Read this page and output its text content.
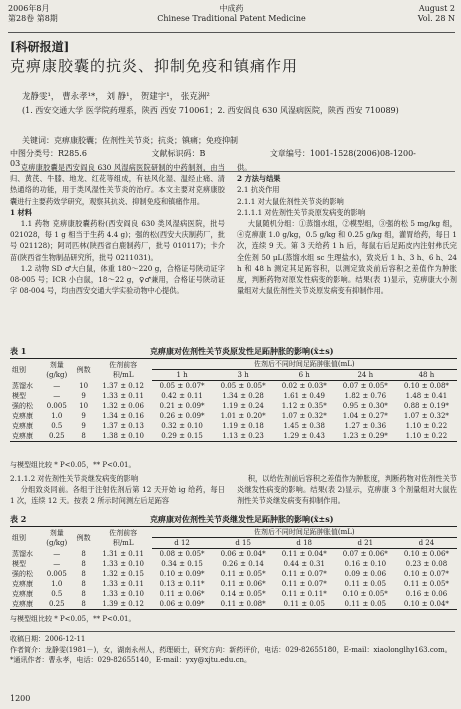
2006年8月
第28卷 第8期
中成药
Chinese Traditional Patent Medicine
August 2
Vol. 28 N
[科研报道]
克痹康胶囊的抗炎、抑制免疫和镇痛作用
龙静雯¹， 曹永孝¹*， 刘 静¹， 贺建宇¹， 张克洲²
(1. 西安交通大学 医学院药理系，陕西 西安 710061；2. 西安阎良 630 风湿病医院，陕西 西安 710089)
关键词：克痹康胶囊；佐剂性关节炎；抗炎；镇痛；免疫抑制
中图分类号：R285.6	文献标识码：B	文章编号：1001-1528(2006)08-1200-03 克痹康胶囊是西安阎良 630 风湿病医院研制的中药制剂，由当归、黄芪、牛膝、地龙、红花等组成，有祛风化湿、温经止痛、清热通络的功能，用于类风湿性关节炎的治疗。本文主要对克痹康胶囊进行主要药效学研究，观察其抗炎、抑制免疫和镇痛作用。

1 材料

1.1 药物 克痹康胶囊药粉(西安阎良 630 类风湿病医院，批号 021028，每 1 g 相当于生药 4.4 g)；强的松(西安大庆制药厂，批号 021128)；阿司匹林(陕西省白鹿制药厂，批号 010117)；卡介苗(陕西省生物制品研究所，批号 0211031)。

1.2 动物 SD ♂大白鼠，体重 180～220 g，合格证号陕动证字 08-005 号；ICR 小白鼠，18～22 g，♀♂兼用，合格证号陕动证字 08-004 号，均由西安交通大学实验动物中心提供。

供。

2 方法与结果

2.1 抗炎作用

2.1.1 对大鼠佐剂性关节炎的影响

2.1.1.1 对佐剂性关节炎原发病变的影响

大鼠随机分组：①蒸馏水组，②模型组，③强的松 5 mg/kg 组，④克痹康 1.0 g/kg，0.5 g/kg 和 0.25 g/kg 组，灌胃给药，每日 1 次，连续 9 天。第 3 天给药 1 h 后，每鼠右后足跖皮内注射弗氏完全佐剂 50 μL(蒸馏水组 sc 生理盐水)，致炎后 1 h、3 h、6 h、24 h 和 48 h 测定其足跖容积，以测定致炎前后容积之差值作为肿胀度，判断药物对原发性病变的影响。结果(表 1)显示，克痹康大小剂量组对大鼠佐剂性关节炎原发病变有抑制作用。

表 1	克痹康对佐剂性关节炎原发性足跖肿胀的影响(x̄±s)
组别	剂量
(g/kg)	例数	佐剂前容
积/mL	佐剂后不同时间足跖肿胀值(mL)				
				1 h	3 h	6 h	24 h	48 h
蒸馏水	—	10	1.37 ± 0.12	0.05 ± 0.07*	0.05 ± 0.05*	0.02 ± 0.03*	0.07 ± 0.05*	0.10 ± 0.08*
模型	—	9	1.33 ± 0.11	0.42 ± 0.11	1.34 ± 0.28	1.61 ± 0.49	1.82 ± 0.76	1.48 ± 0.41
强的松	0.005	10	1.32 ± 0.06	0.21 ± 0.09*	1.19 ± 0.24	1.12 ± 0.35*	0.95 ± 0.30*	0.88 ± 0.19*
克痹康	1.0	9	1.34 ± 0.16	0.26 ± 0.09*	1.01 ± 0.20*	1.07 ± 0.32*	1.04 ± 0.27*	1.07 ± 0.32*
克痹康	0.5	9	1.37 ± 0.13	0.32 ± 0.10	1.19 ± 0.18	1.45 ± 0.38	1.27 ± 0.36	1.10 ± 0.22
克痹康	0.25	8	1.38 ± 0.10	0.29 ± 0.15	1.13 ± 0.23	1.29 ± 0.43	1.23 ± 0.29*	1.10 ± 0.22
与模型组比较 * P<0.05，** P<0.01。

2.1.1.2 对佐剂性关节炎继发病变的影响

分组致炎同前。各组于注射佐剂后第 12 天开始 ig 给药，每日 1 次，连续 12 天。按表 2 所示时间测左后足跖容

积，以给佐剂前后容积之差值作为肿胀度，判断药物对佐剂性关节炎继发性病变的影响。结果(表 2)显示，克痹康 3 个剂量组对大鼠佐剂性关节炎继发病变有抑制作用。

表 2	克痹康对佐剂性关节炎继发性足跖肿胀的影响(x̄±s)
组别	剂量
(g/kg)	例数	佐剂前容
积/mL	佐剂后不同时间足跖肿胀值(mL)				
				d 12	d 15	d 18	d 21	d 24
蒸馏水	—	8	1.31 ± 0.11	0.08 ± 0.05*	0.06 ± 0.04*	0.11 ± 0.04*	0.07 ± 0.06*	0.10 ± 0.06*
模型	—	8	1.33 ± 0.10	0.34 ± 0.15	0.26 ± 0.14	0.44 ± 0.31	0.16 ± 0.10	0.23 ± 0.08
强的松	0.005	8	1.32 ± 0.15	0.10 ± 0.09*	0.11 ± 0.05*	0.11 ± 0.07*	0.09 ± 0.06	0.10 ± 0.07*
克痹康	1.0	8	1.33 ± 0.11	0.13 ± 0.11*	0.11 ± 0.06*	0.11 ± 0.07*	0.11 ± 0.05	0.11 ± 0.05*
克痹康	0.5	8	1.33 ± 0.10	0.11 ± 0.06*	0.14 ± 0.05*	0.11 ± 0.11*	0.10 ± 0.05*	0.16 ± 0.06
克痹康	0.25	8	1.39 ± 0.12	0.06 ± 0.09*	0.11 ± 0.08*	0.11 ± 0.05	0.11 ± 0.05	0.10 ± 0.04*
与模型组比较 * P<0.05，** P<0.01。
收稿日期：2006-12-11
作者简介：龙静雯(1981－)，女，湖南永州人，药理硕士，研究方向：新药评价，电话：029-82655180，E-mail：xiaolonglhy163.com。
*通讯作者：曹永孝，电话：029-82655140，E-mail：yxy@xjtu.edu.cn。
1200
